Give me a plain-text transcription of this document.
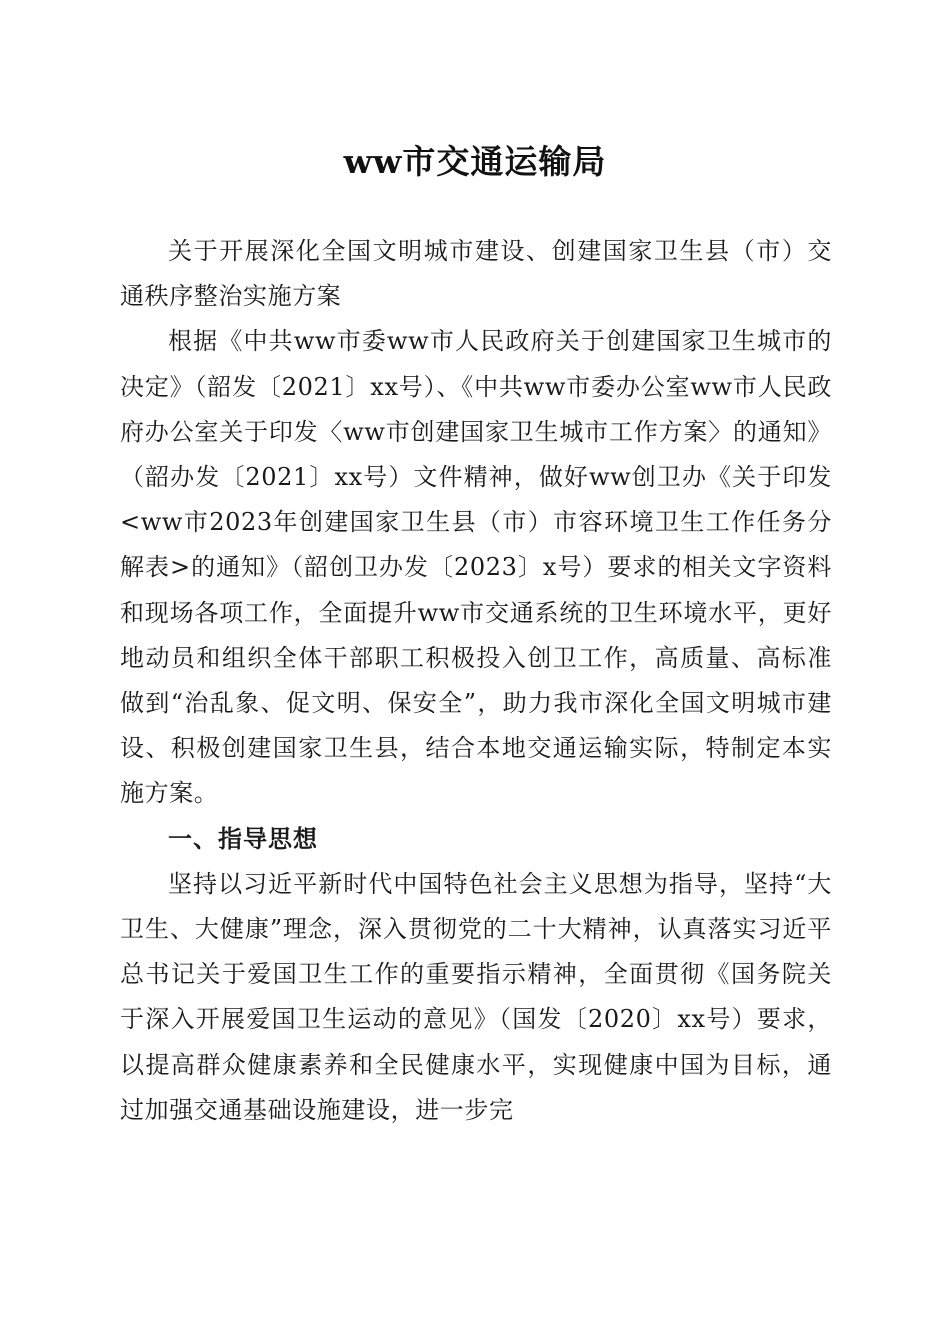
ww市交通运输局

关于开展深化全国文明城市建设、创建国家卫生县（市）交通秩序整治实施方案

根据《中共ww市委ww市人民政府关于创建国家卫生城市的决定》（韶发〔2021〕xx号）、《中共ww市委办公室ww市人民政府办公室关于印发〈ww市创建国家卫生城市工作方案〉的通知》（韶办发〔2021〕xx号）文件精神，做好ww创卫办《关于印发<ww市2023年创建国家卫生县（市）市容环境卫生工作任务分解表>的通知》（韶创卫办发〔2023〕x号）要求的相关文字资料和现场各项工作，全面提升ww市交通系统的卫生环境水平，更好地动员和组织全体干部职工积极投入创卫工作，高质量、高标准做到“治乱象、促文明、保安全”，助力我市深化全国文明城市建设、积极创建国家卫生县，结合本地交通运输实际，特制定本实施方案。

一、指导思想

坚持以习近平新时代中国特色社会主义思想为指导，坚持“大卫生、大健康”理念，深入贯彻党的二十大精神，认真落实习近平总书记关于爱国卫生工作的重要指示精神，全面贯彻《国务院关于深入开展爱国卫生运动的意见》（国发〔2020〕xx号）要求，以提高群众健康素养和全民健康水平，实现健康中国为目标，通过加强交通基础设施建设，进一步完
